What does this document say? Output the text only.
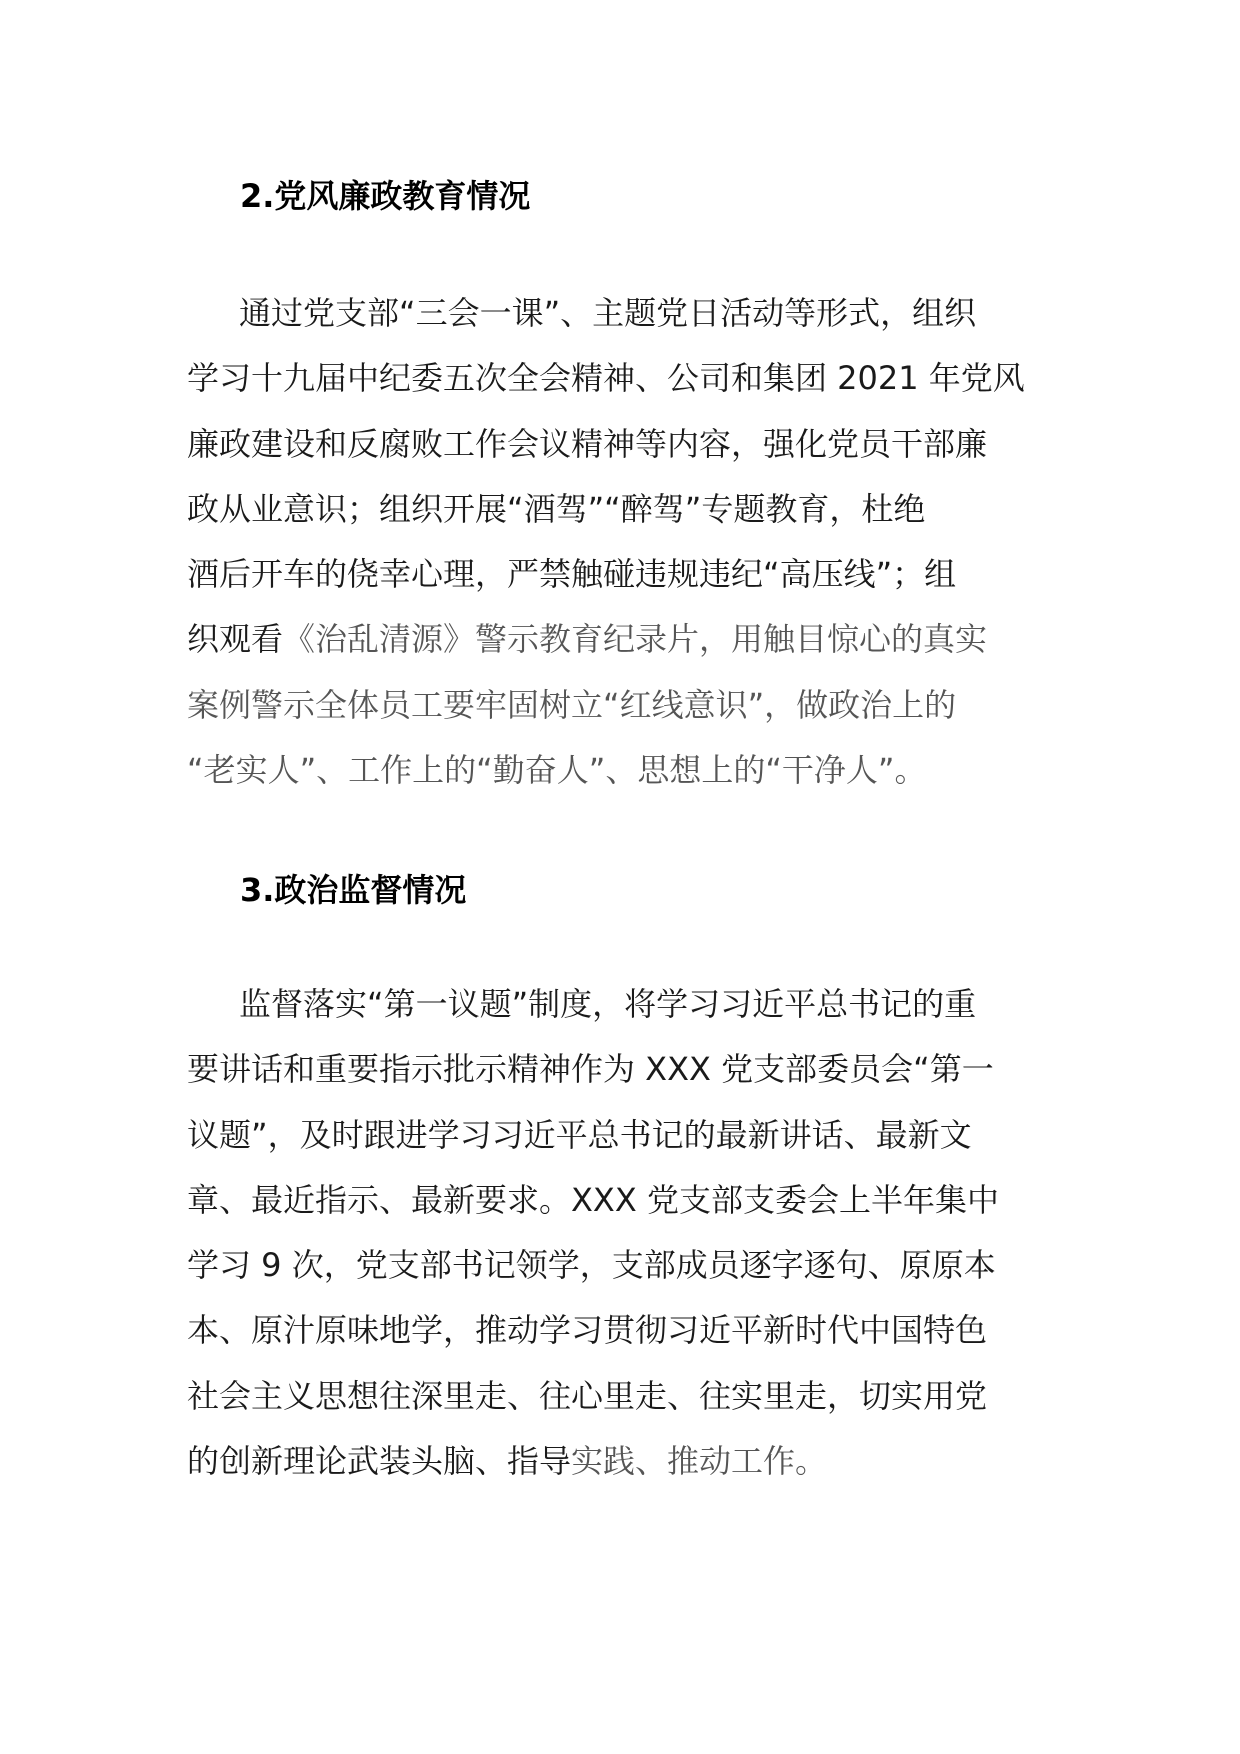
2.党风廉政教育情况
通过党支部“三会一课”、主题党日活动等形式，组织
学习十九届中纪委五次全会精神、公司和集团 2021 年党风
廉政建设和反腐败工作会议精神等内容，强化党员干部廉
政从业意识；组织开展“酒驾”“醉驾”专题教育，杜绝
酒后开车的侥幸心理，严禁触碰违规违纪“高压线”；组
织观看《治乱清源》警示教育纪录片，用触目惊心的真实
案例警示全体员工要牢固树立“红线意识”，做政治上的
“老实人”、工作上的“勤奋人”、思想上的“干净人”。
3.政治监督情况
监督落实“第一议题”制度，将学习习近平总书记的重
要讲话和重要指示批示精神作为 XXX 党支部委员会“第一
议题”，及时跟进学习习近平总书记的最新讲话、最新文
章、最近指示、最新要求。XXX 党支部支委会上半年集中
学习 9 次，党支部书记领学，支部成员逐字逐句、原原本
本、原汁原味地学，推动学习贯彻习近平新时代中国特色
社会主义思想往深里走、往心里走、往实里走，切实用党
的创新理论武装头脑、指导实践、推动工作。
